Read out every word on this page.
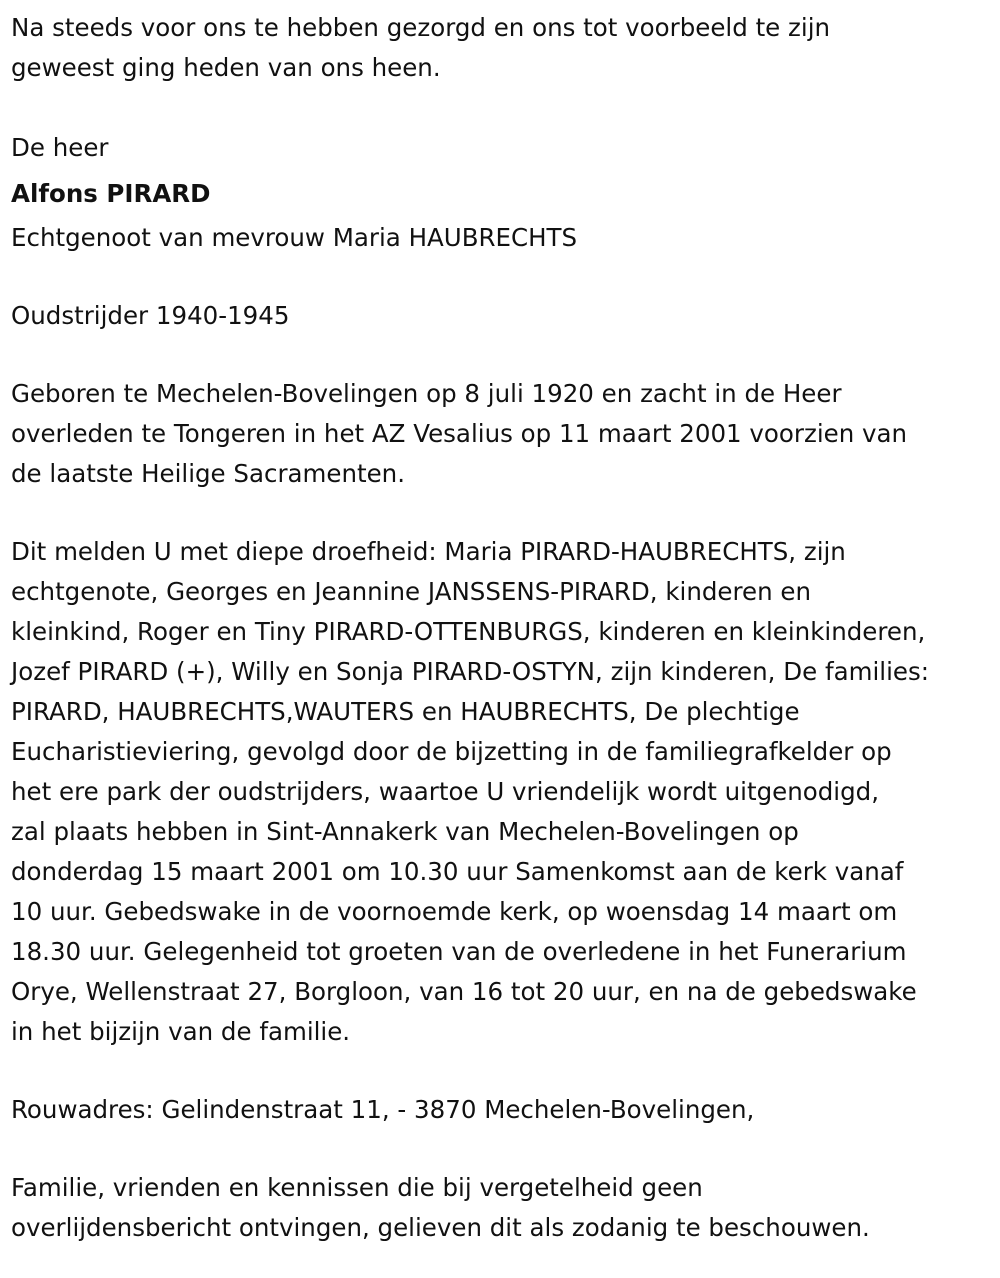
Na steeds voor ons te hebben gezorgd en ons tot voorbeeld te zijn

geweest ging heden van ons heen.

De heer

Alfons PIRARD

Echtgenoot van mevrouw Maria HAUBRECHTS

Oudstrijder 1940-1945

Geboren te Mechelen-Bovelingen op 8 juli 1920 en zacht in de Heer

overleden te Tongeren in het AZ Vesalius op 11 maart 2001 voorzien van

de laatste Heilige Sacramenten.

Dit melden U met diepe droefheid: Maria PIRARD-HAUBRECHTS, zijn

echtgenote, Georges en Jeannine JANSSENS-PIRARD, kinderen en

kleinkind, Roger en Tiny PIRARD-OTTENBURGS, kinderen en kleinkinderen,

Jozef PIRARD (+), Willy en Sonja PIRARD-OSTYN, zijn kinderen, De families:

PIRARD, HAUBRECHTS,WAUTERS en HAUBRECHTS, De plechtige

Eucharistieviering, gevolgd door de bijzetting in de familiegrafkelder op

het ere park der oudstrijders, waartoe U vriendelijk wordt uitgenodigd,

zal plaats hebben in Sint-Annakerk van Mechelen-Bovelingen op

donderdag 15 maart 2001 om 10.30 uur Samenkomst aan de kerk vanaf

10 uur. Gebedswake in de voornoemde kerk, op woensdag 14 maart om

18.30 uur. Gelegenheid tot groeten van de overledene in het Funerarium

Orye, Wellenstraat 27, Borgloon, van 16 tot 20 uur, en na de gebedswake

in het bijzijn van de familie.

Rouwadres: Gelindenstraat 11, - 3870 Mechelen-Bovelingen,

Familie, vrienden en kennissen die bij vergetelheid geen

overlijdensbericht ontvingen, gelieven dit als zodanig te beschouwen.
